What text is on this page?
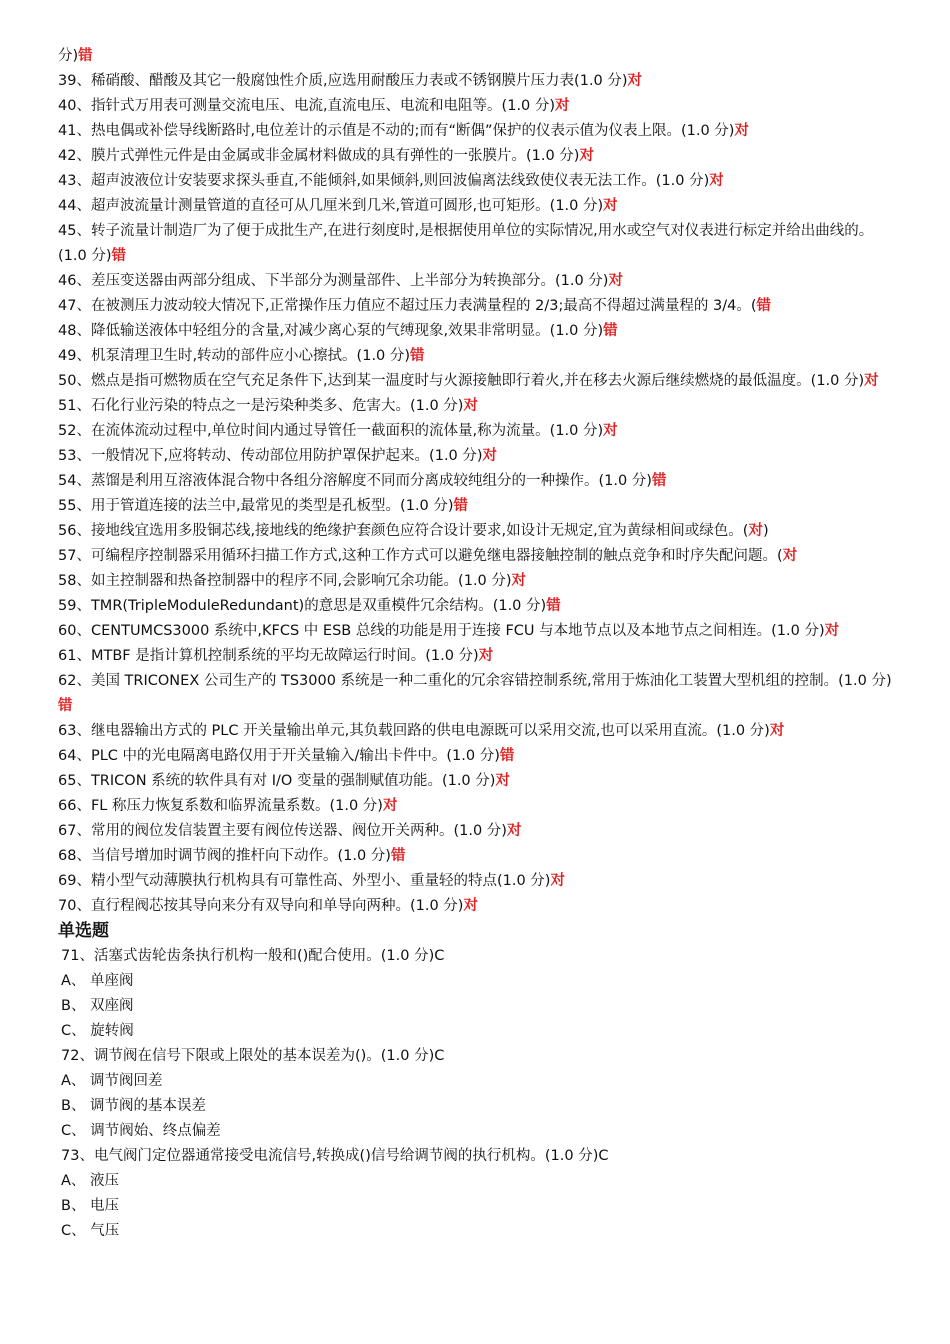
分)错
39、稀硝酸、醋酸及其它一般腐蚀性介质,应选用耐酸压力表或不锈钢膜片压力表(1.0 分)对
40、指针式万用表可测量交流电压、电流,直流电压、电流和电阻等。(1.0 分)对
41、热电偶或补偿导线断路时,电位差计的示值是不动的;而有“断偶”保护的仪表示值为仪表上限。(1.0 分)对
42、膜片式弹性元件是由金属或非金属材料做成的具有弹性的一张膜片。(1.0 分)对
43、超声波液位计安装要求探头垂直,不能倾斜,如果倾斜,则回波偏离法线致使仪表无法工作。(1.0 分)对
44、超声波流量计测量管道的直径可从几厘米到几米,管道可圆形,也可矩形。(1.0 分)对
45、转子流量计制造厂为了便于成批生产,在进行刻度时,是根据使用单位的实际情况,用水或空气对仪表进行标定并给出曲线的。(1.0 分)错
46、差压变送器由两部分组成、下半部分为测量部件、上半部分为转换部分。(1.0 分)对
47、在被测压力波动较大情况下,正常操作压力值应不超过压力表满量程的 2/3;最高不得超过满量程的 3/4。(错
48、降低输送液体中轻组分的含量,对减少离心泵的气缚现象,效果非常明显。(1.0 分)错
49、机泵清理卫生时,转动的部件应小心擦拭。(1.0 分)错
50、燃点是指可燃物质在空气充足条件下,达到某一温度时与火源接触即行着火,并在移去火源后继续燃烧的最低温度。(1.0 分)对
51、石化行业污染的特点之一是污染种类多、危害大。(1.0 分)对
52、在流体流动过程中,单位时间内通过导管任一截面积的流体量,称为流量。(1.0 分)对
53、一般情况下,应将转动、传动部位用防护罩保护起来。(1.0 分)对
54、蒸馏是利用互溶液体混合物中各组分溶解度不同而分离成较纯组分的一种操作。(1.0 分)错
55、用于管道连接的法兰中,最常见的类型是孔板型。(1.0 分)错
56、接地线宜选用多股铜芯线,接地线的绝缘护套颜色应符合设计要求,如设计无规定,宜为黄绿相间或绿色。(对)
57、可编程序控制器采用循环扫描工作方式,这种工作方式可以避免继电器接触控制的触点竞争和时序失配问题。(对
58、如主控制器和热备控制器中的程序不同,会影响冗余功能。(1.0 分)对
59、TMR(TripleModuleRedundant)的意思是双重模件冗余结构。(1.0 分)错
60、CENTUMCS3000 系统中,KFCS 中 ESB 总线的功能是用于连接 FCU 与本地节点以及本地节点之间相连。(1.0 分)对
61、MTBF 是指计算机控制系统的平均无故障运行时间。(1.0 分)对
62、美国 TRICONEX 公司生产的 TS3000 系统是一种二重化的冗余容错控制系统,常用于炼油化工装置大型机组的控制。(1.0 分)错
63、继电器输出方式的 PLC 开关量输出单元,其负载回路的供电电源既可以采用交流,也可以采用直流。(1.0 分)对
64、PLC 中的光电隔离电路仅用于开关量输入/输出卡件中。(1.0 分)错
65、TRICON 系统的软件具有对 I/O 变量的强制赋值功能。(1.0 分)对
66、FL 称压力恢复系数和临界流量系数。(1.0 分)对
67、常用的阀位发信装置主要有阀位传送器、阀位开关两种。(1.0 分)对
68、当信号增加时调节阀的推杆向下动作。(1.0 分)错
69、精小型气动薄膜执行机构具有可靠性高、外型小、重量轻的特点(1.0 分)对
70、直行程阀芯按其导向来分有双导向和单导向两种。(1.0 分)对
单选题
71、活塞式齿轮齿条执行机构一般和()配合使用。(1.0 分)C
A、 单座阀
B、 双座阀
C、 旋转阀
72、调节阀在信号下限或上限处的基本误差为()。(1.0 分)C
A、 调节阀回差
B、 调节阀的基本误差
C、 调节阀始、终点偏差
73、电气阀门定位器通常接受电流信号,转换成()信号给调节阀的执行机构。(1.0 分)C
A、 液压
B、 电压
C、 气压
